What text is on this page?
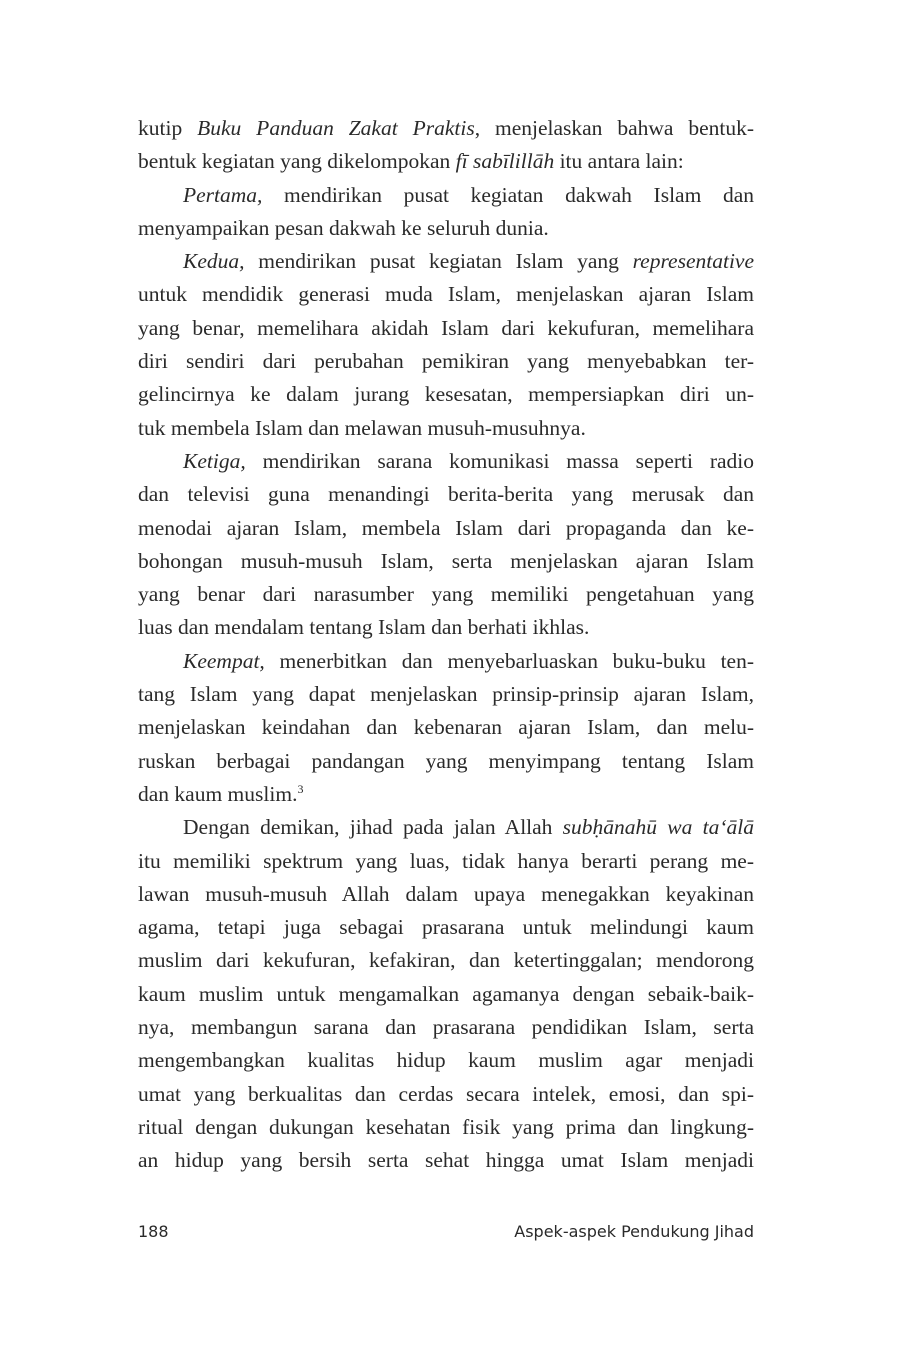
kutip Buku Panduan Zakat Praktis, menjelaskan bahwa bentuk-
bentuk kegiatan yang dikelompokan fī sabīlillāh itu antara lain:
Pertama, mendirikan pusat kegiatan dakwah Islam dan
menyampaikan pesan dakwah ke seluruh dunia.
Kedua, mendirikan pusat kegiatan Islam yang representative
untuk mendidik generasi muda Islam, menjelaskan ajaran Islam
yang benar, memelihara akidah Islam dari kekufuran, memelihara
diri sendiri dari perubahan pemikiran yang menyebabkan ter-
gelincirnya ke dalam jurang kesesatan, mempersiapkan diri un-
tuk membela Islam dan melawan musuh-musuhnya.
Ketiga, mendirikan sarana komunikasi massa seperti radio
dan televisi guna menandingi berita-berita yang merusak dan
menodai ajaran Islam, membela Islam dari propaganda dan ke-
bohongan musuh-musuh Islam, serta menjelaskan ajaran Islam
yang benar dari narasumber yang memiliki pengetahuan yang
luas dan mendalam tentang Islam dan berhati ikhlas.
Keempat, menerbitkan dan menyebarluaskan buku-buku ten-
tang Islam yang dapat menjelaskan prinsip-prinsip ajaran Islam,
menjelaskan keindahan dan kebenaran ajaran Islam, dan melu-
ruskan berbagai pandangan yang menyimpang tentang Islam
dan kaum muslim.$^3$
Dengan demikan, jihad pada jalan Allah subḥānahū wa ta‘ālā
itu memiliki spektrum yang luas, tidak hanya berarti perang me-
lawan musuh-musuh Allah dalam upaya menegakkan keyakinan
agama, tetapi juga sebagai prasarana untuk melindungi kaum
muslim dari kekufuran, kefakiran, dan ketertinggalan; mendorong
kaum muslim untuk mengamalkan agamanya dengan sebaik-baik-
nya, membangun sarana dan prasarana pendidikan Islam, serta
mengembangkan kualitas hidup kaum muslim agar menjadi
umat yang berkualitas dan cerdas secara intelek, emosi, dan spi-
ritual dengan dukungan kesehatan fisik yang prima dan lingkung-
an hidup yang bersih serta sehat hingga umat Islam menjadi
188	Aspek-aspek Pendukung Jihad
